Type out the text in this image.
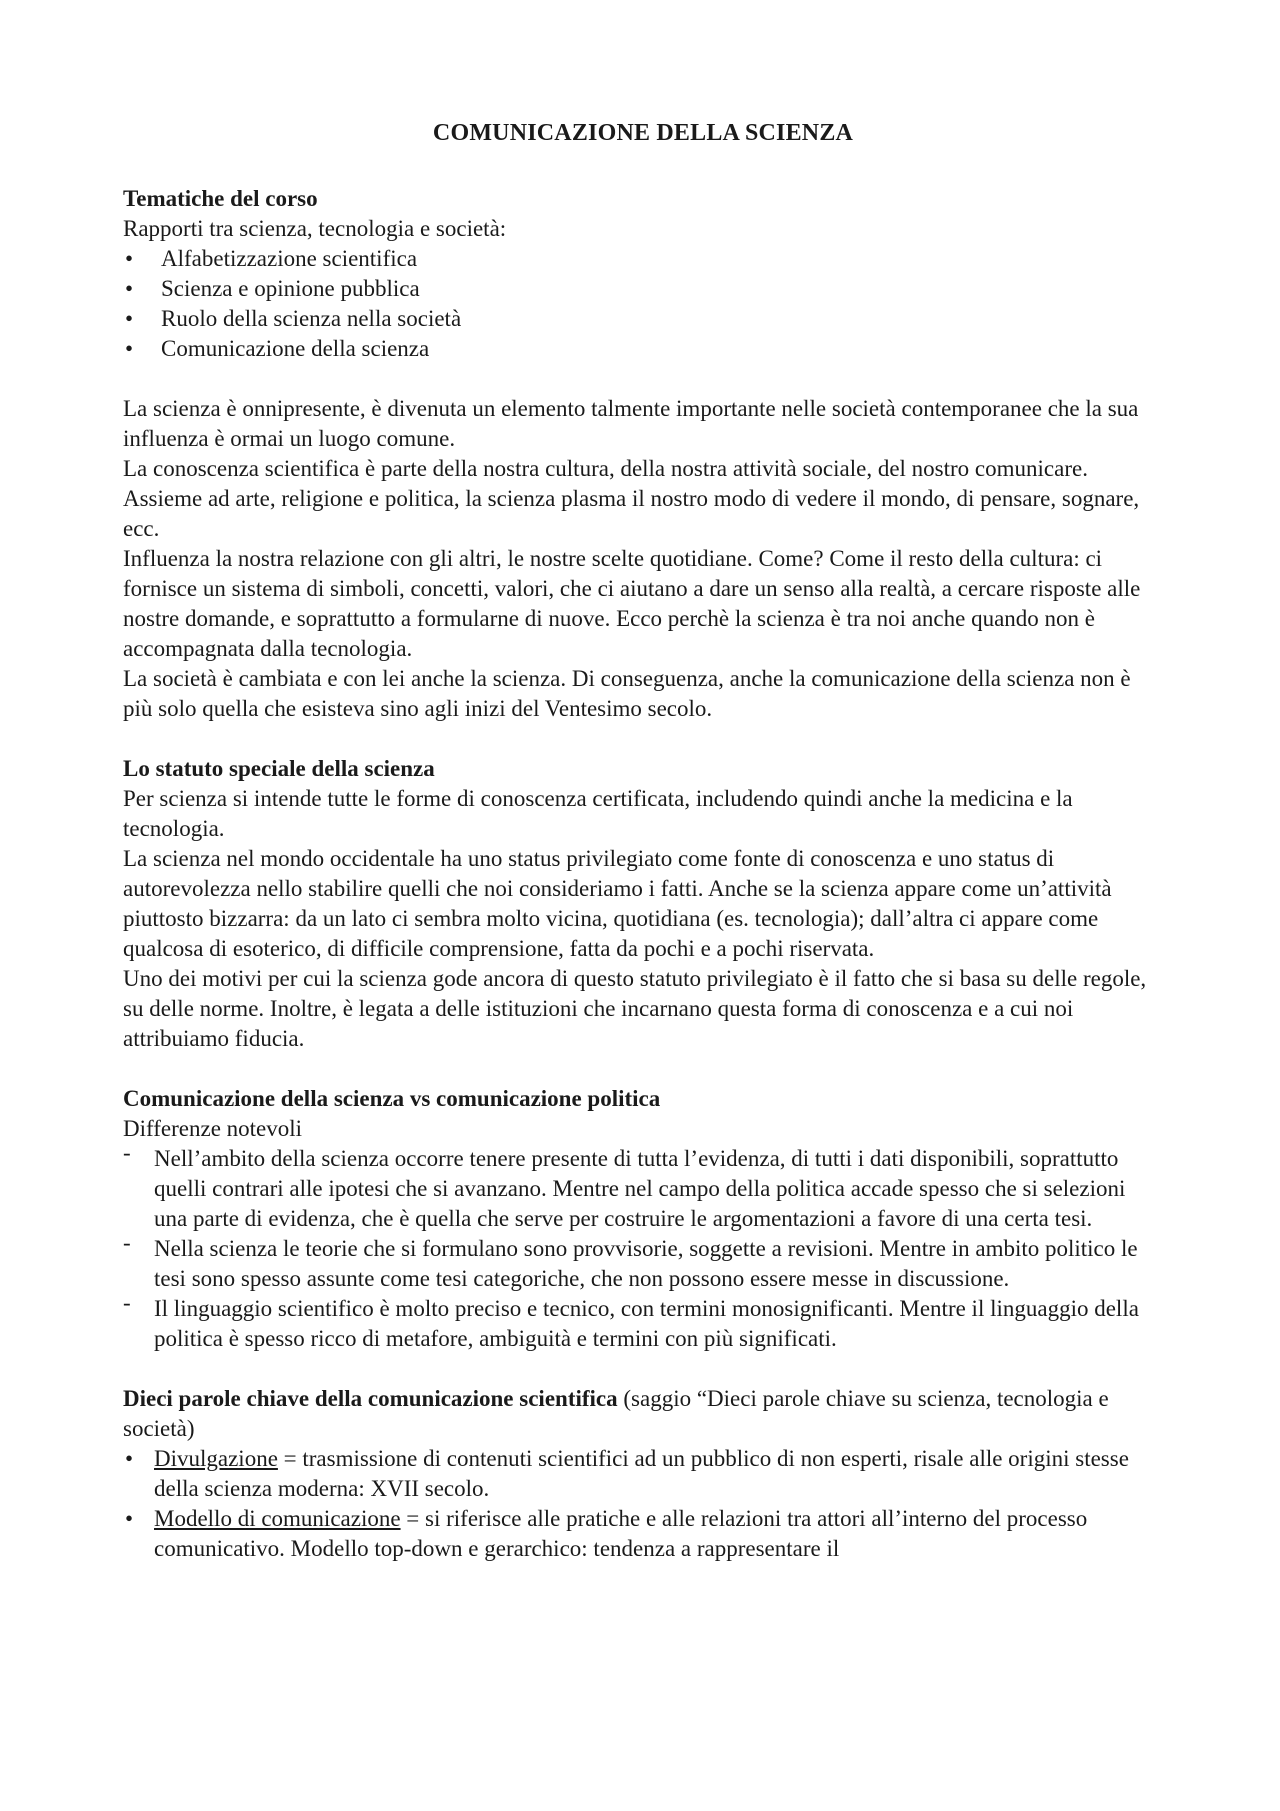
COMUNICAZIONE DELLA SCIENZA

Tematiche del corso

Rapporti tra scienza, tecnologia e società:

• Alfabetizzazione scientifica
• Scienza e opinione pubblica
• Ruolo della scienza nella società
• Comunicazione della scienza

La scienza è onnipresente, è divenuta un elemento talmente importante nelle società contemporanee che la sua influenza è ormai un luogo comune.

La conoscenza scientifica è parte della nostra cultura, della nostra attività sociale, del nostro comunicare. Assieme ad arte, religione e politica, la scienza plasma il nostro modo di vedere il mondo, di pensare, sognare, ecc.

Influenza la nostra relazione con gli altri, le nostre scelte quotidiane. Come? Come il resto della cultura: ci fornisce un sistema di simboli, concetti, valori, che ci aiutano a dare un senso alla realtà, a cercare risposte alle nostre domande, e soprattutto a formularne di nuove. Ecco perchè la scienza è tra noi anche quando non è accompagnata dalla tecnologia.

La società è cambiata e con lei anche la scienza. Di conseguenza, anche la comunicazione della scienza non è più solo quella che esisteva sino agli inizi del Ventesimo secolo.

Lo statuto speciale della scienza

Per scienza si intende tutte le forme di conoscenza certificata, includendo quindi anche la medicina e la tecnologia.

La scienza nel mondo occidentale ha uno status privilegiato come fonte di conoscenza e uno status di autorevolezza nello stabilire quelli che noi consideriamo i fatti. Anche se la scienza appare come un’attività piuttosto bizzarra: da un lato ci sembra molto vicina, quotidiana (es. tecnologia); dall’altra ci appare come qualcosa di esoterico, di difficile comprensione, fatta da pochi e a pochi riservata.

Uno dei motivi per cui la scienza gode ancora di questo statuto privilegiato è il fatto che si basa su delle regole, su delle norme. Inoltre, è legata a delle istituzioni che incarnano questa forma di conoscenza e a cui noi attribuiamo fiducia.

Comunicazione della scienza vs comunicazione politica

Differenze notevoli

- Nell’ambito della scienza occorre tenere presente di tutta l’evidenza, di tutti i dati disponibili, soprattutto quelli contrari alle ipotesi che si avanzano. Mentre nel campo della politica accade spesso che si selezioni una parte di evidenza, che è quella che serve per costruire le argomentazioni a favore di una certa tesi.
- Nella scienza le teorie che si formulano sono provvisorie, soggette a revisioni. Mentre in ambito politico le tesi sono spesso assunte come tesi categoriche, che non possono essere messe in discussione.
- Il linguaggio scientifico è molto preciso e tecnico, con termini monosignificanti. Mentre il linguaggio della politica è spesso ricco di metafore, ambiguità e termini con più significati.

Dieci parole chiave della comunicazione scientifica (saggio “Dieci parole chiave su scienza, tecnologia e società)

• Divulgazione = trasmissione di contenuti scientifici ad un pubblico di non esperti, risale alle origini stesse della scienza moderna: XVII secolo.
• Modello di comunicazione = si riferisce alle pratiche e alle relazioni tra attori all’interno del processo comunicativo. Modello top-down e gerarchico: tendenza a rappresentare il
